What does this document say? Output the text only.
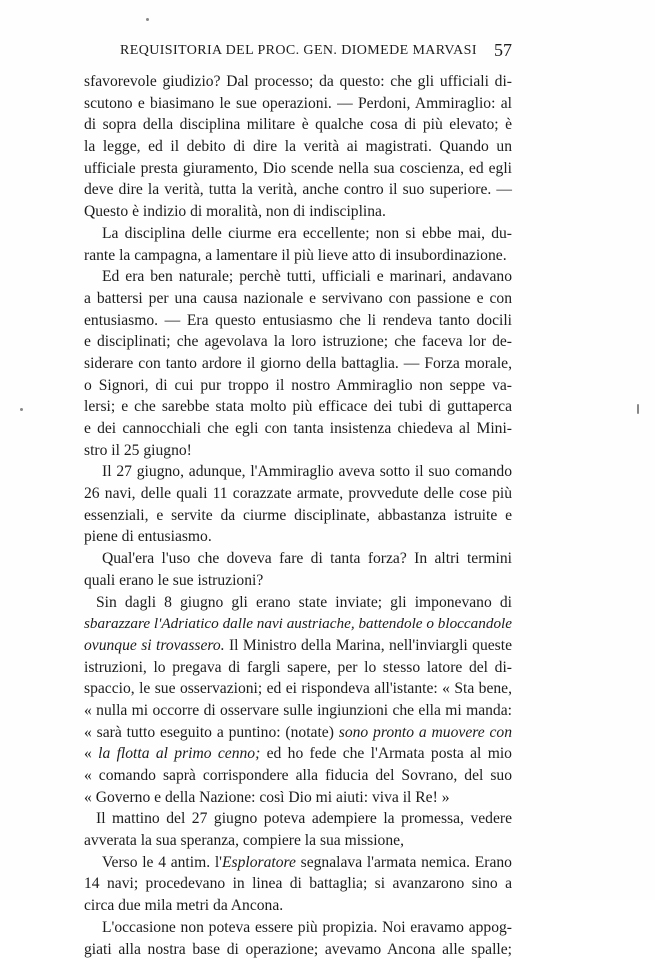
REQUISITORIA DEL PROC. GEN. DIOMEDE MARVASI 57
sfavorevole giudizio? Dal processo; da questo: che gli ufficiali di-
scutono e biasimano le sue operazioni. — Perdoni, Ammiraglio: al
di sopra della disciplina militare è qualche cosa di più elevato; è
la legge, ed il debito di dire la verità ai magistrati. Quando un
ufficiale presta giuramento, Dio scende nella sua coscienza, ed egli
deve dire la verità, tutta la verità, anche contro il suo superiore. —
Questo è indizio di moralità, non di indisciplina.
La disciplina delle ciurme era eccellente; non si ebbe mai, du-
rante la campagna, a lamentare il più lieve atto di insubordinazione.
Ed era ben naturale; perchè tutti, ufficiali e marinari, andavano
a battersi per una causa nazionale e servivano con passione e con
entusiasmo. — Era questo entusiasmo che li rendeva tanto docili
e disciplinati; che agevolava la loro istruzione; che faceva lor de-
siderare con tanto ardore il giorno della battaglia. — Forza morale,
o Signori, di cui pur troppo il nostro Ammiraglio non seppe va-
lersi; e che sarebbe stata molto più efficace dei tubi di guttaperca
e dei cannocchiali che egli con tanta insistenza chiedeva al Mini-
stro il 25 giugno!
Il 27 giugno, adunque, l'Ammiraglio aveva sotto il suo comando
26 navi, delle quali 11 corazzate armate, provvedute delle cose più
essenziali, e servite da ciurme disciplinate, abbastanza istruite e
piene di entusiasmo.
Qual'era l'uso che doveva fare di tanta forza? In altri termini
quali erano le sue istruzioni?
Sin dagli 8 giugno gli erano state inviate; gli imponevano di
sbarazzare l'Adriatico dalle navi austriache, battendole o bloccandole
ovunque si trovassero. Il Ministro della Marina, nell'inviargli queste
istruzioni, lo pregava di fargli sapere, per lo stesso latore del di-
spaccio, le sue osservazioni; ed ei rispondeva all'istante: « Sta bene,
« nulla mi occorre di osservare sulle ingiunzioni che ella mi manda:
« sarà tutto eseguito a puntino: (notate) sono pronto a muovere con
« la flotta al primo cenno; ed ho fede che l'Armata posta al mio
« comando saprà corrispondere alla fiducia del Sovrano, del suo
« Governo e della Nazione: così Dio mi aiuti: viva il Re! »
Il mattino del 27 giugno poteva adempiere la promessa, vedere
avverata la sua speranza, compiere la sua missione,
Verso le 4 antim. l'Esploratore segnalava l'armata nemica. Erano
14 navi; procedevano in linea di battaglia; si avanzarono sino a
circa due mila metri da Ancona.
L'occasione non poteva essere più propizia. Noi eravamo appog-
giati alla nostra base di operazione; avevamo Ancona alle spalle;
